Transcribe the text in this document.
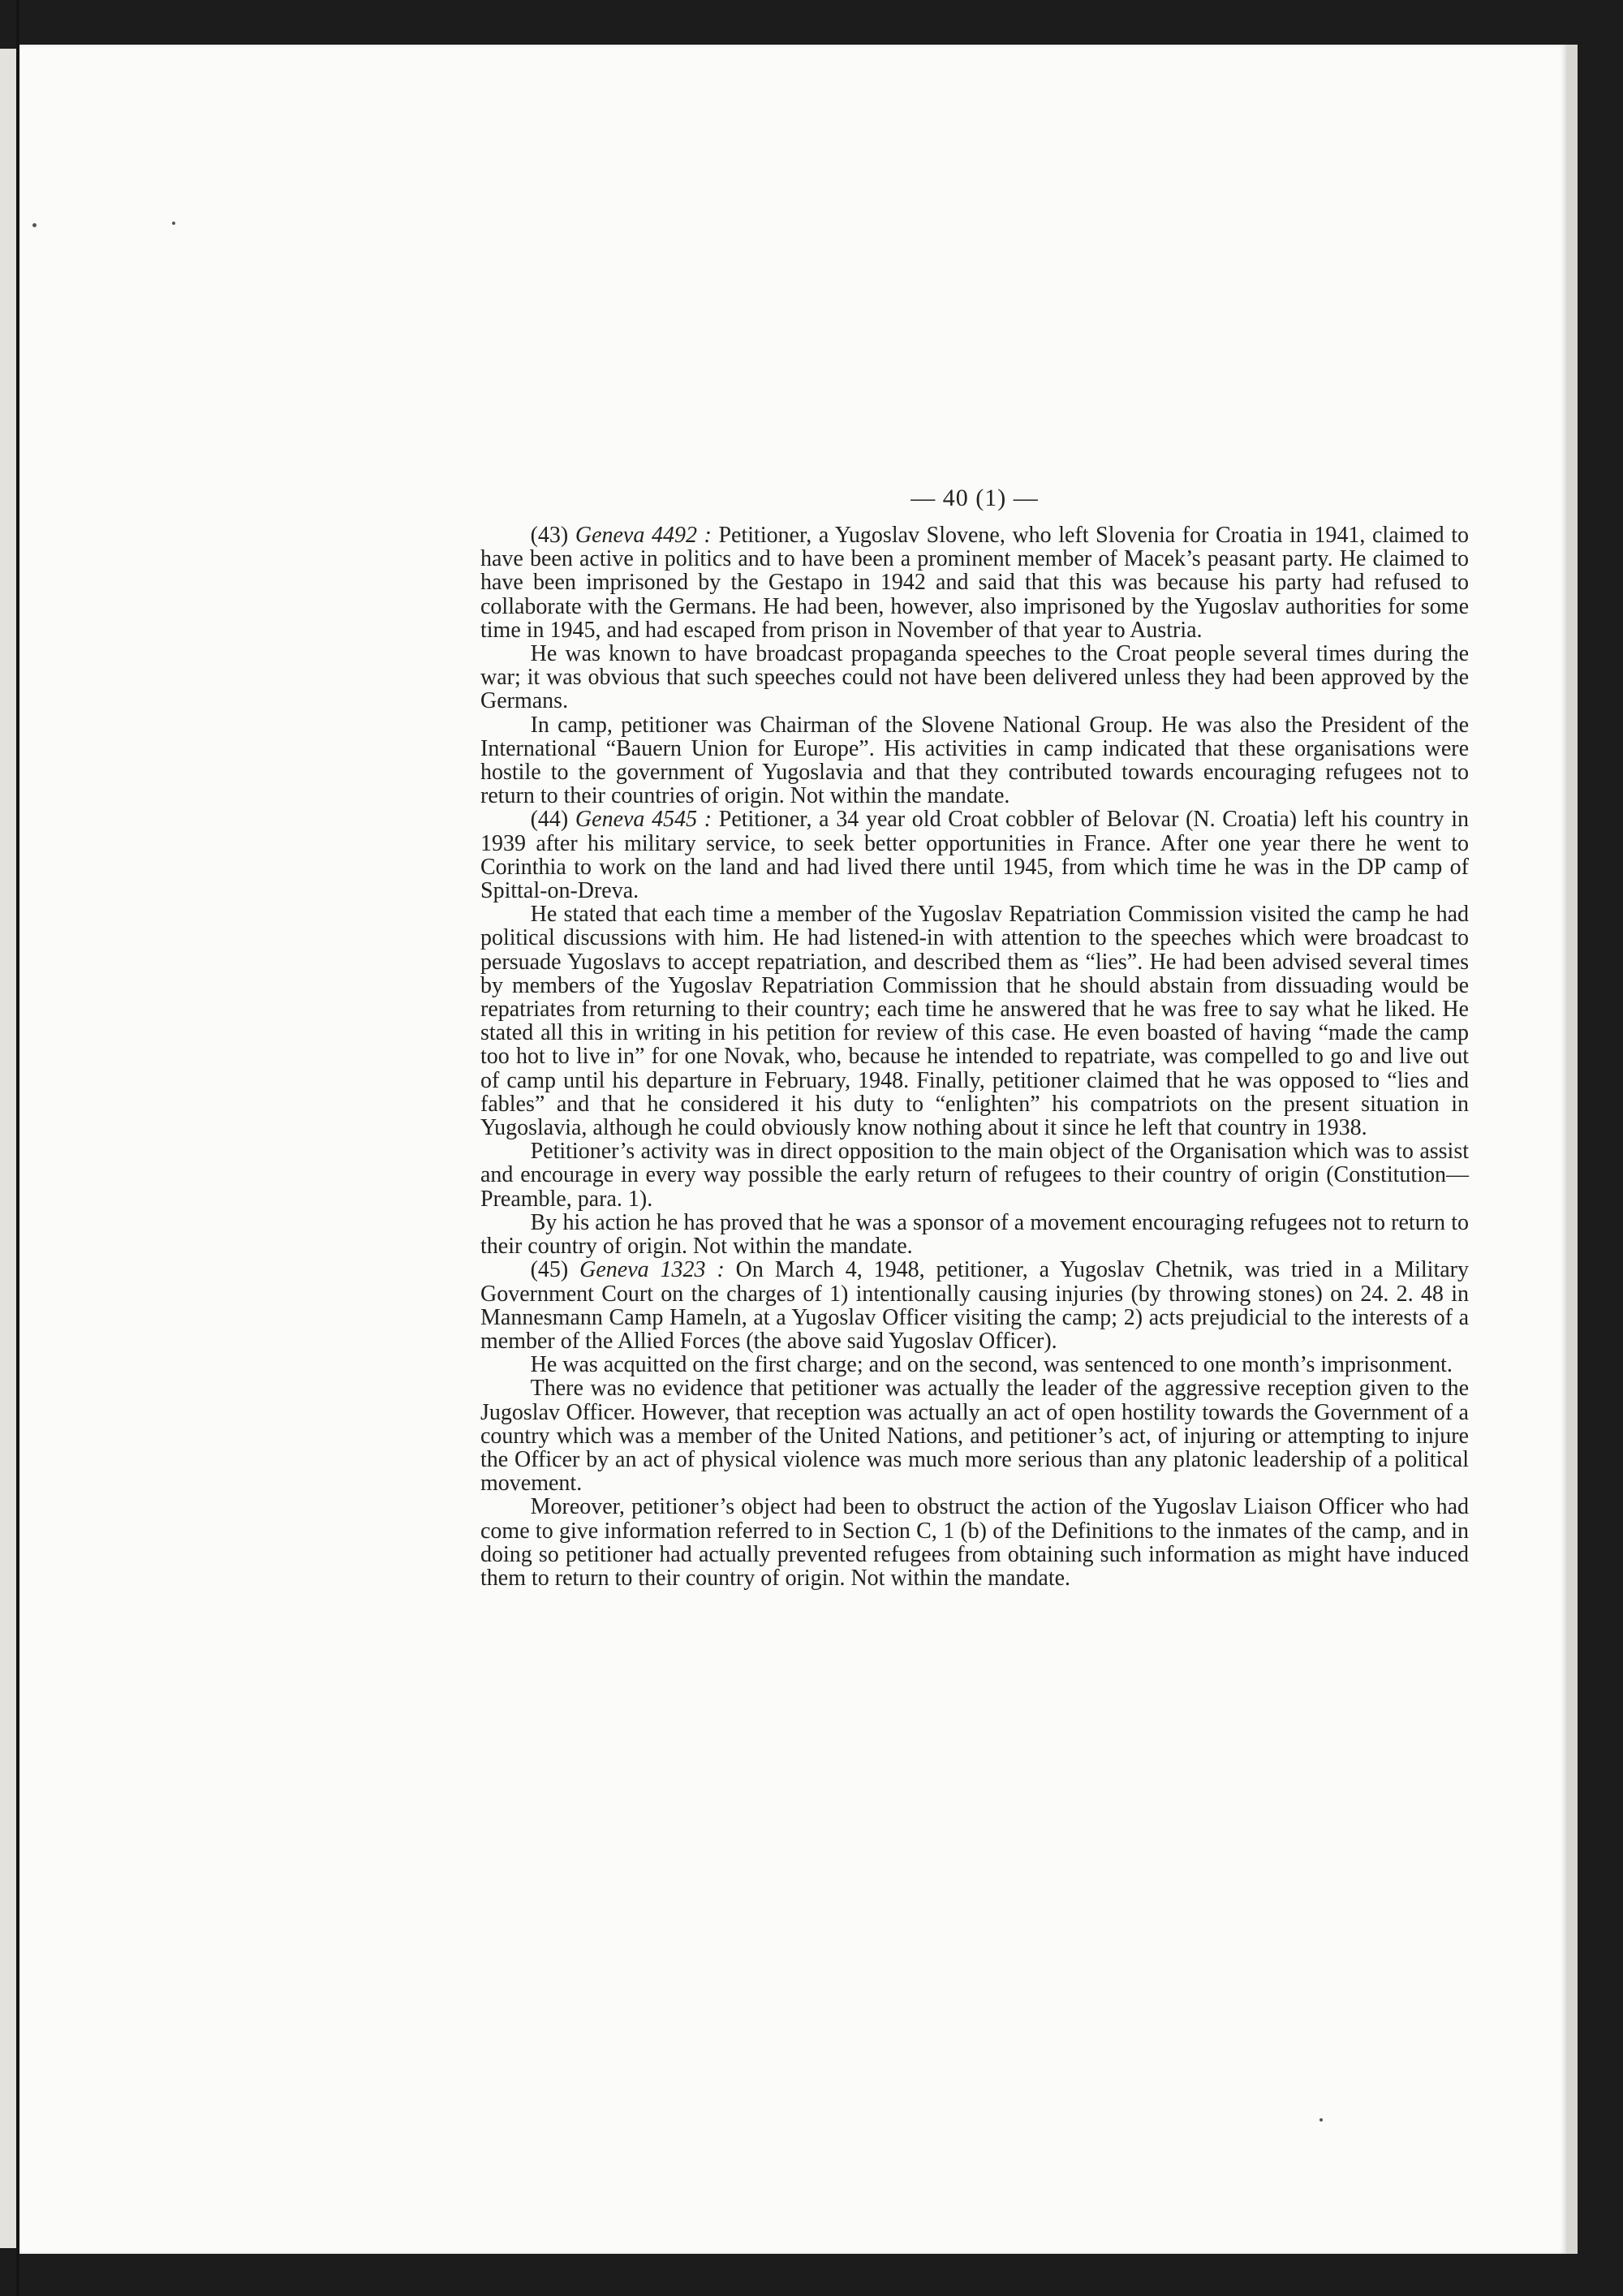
— 40 (1) —

(43) Geneva 4492 : Petitioner, a Yugoslav Slovene, who left Slovenia for Croatia in 1941, claimed to have been active in politics and to have been a prominent member of Macek’s peasant party. He claimed to have been imprisoned by the Gestapo in 1942 and said that this was because his party had refused to collaborate with the Germans. He had been, however, also imprisoned by the Yugoslav authorities for some time in 1945, and had escaped from prison in November of that year to Austria.

He was known to have broadcast propaganda speeches to the Croat people several times during the war; it was obvious that such speeches could not have been delivered unless they had been approved by the Germans.

In camp, petitioner was Chairman of the Slovene National Group. He was also the President of the International “Bauern Union for Europe”. His activities in camp indicated that these organisations were hostile to the government of Yugoslavia and that they contributed towards encouraging refugees not to return to their countries of origin. Not within the mandate.

(44) Geneva 4545 : Petitioner, a 34 year old Croat cobbler of Belovar (N. Croatia) left his country in 1939 after his military service, to seek better opportunities in France. After one year there he went to Corinthia to work on the land and had lived there until 1945, from which time he was in the DP camp of Spittal-on-Dreva.

He stated that each time a member of the Yugoslav Repatriation Commission visited the camp he had political discussions with him. He had listened-in with attention to the speeches which were broadcast to persuade Yugoslavs to accept repatriation, and described them as “lies”. He had been advised several times by members of the Yugoslav Repatriation Commission that he should abstain from dissuading would be repatriates from returning to their country; each time he answered that he was free to say what he liked. He stated all this in writing in his petition for review of this case. He even boasted of having “made the camp too hot to live in” for one Novak, who, because he intended to repatriate, was compelled to go and live out of camp until his departure in February, 1948. Finally, petitioner claimed that he was opposed to “lies and fables” and that he considered it his duty to “enlighten” his compatriots on the present situation in Yugoslavia, although he could obviously know nothing about it since he left that country in 1938.

Petitioner’s activity was in direct opposition to the main object of the Organisation which was to assist and encourage in every way possible the early return of refugees to their country of origin (Constitution—Preamble, para. 1).

By his action he has proved that he was a sponsor of a movement encouraging refugees not to return to their country of origin. Not within the mandate.

(45) Geneva 1323 : On March 4, 1948, petitioner, a Yugoslav Chetnik, was tried in a Military Government Court on the charges of 1) intentionally causing injuries (by throwing stones) on 24. 2. 48 in Mannesmann Camp Hameln, at a Yugoslav Officer visiting the camp; 2) acts prejudicial to the interests of a member of the Allied Forces (the above said Yugoslav Officer).

He was acquitted on the first charge; and on the second, was sentenced to one month’s imprisonment.

There was no evidence that petitioner was actually the leader of the aggressive reception given to the Jugoslav Officer. However, that reception was actually an act of open hostility towards the Government of a country which was a member of the United Nations, and petitioner’s act, of injuring or attempting to injure the Officer by an act of physical violence was much more serious than any platonic leadership of a political movement.

Moreover, petitioner’s object had been to obstruct the action of the Yugoslav Liaison Officer who had come to give information referred to in Section C, 1 (b) of the Definitions to the inmates of the camp, and in doing so petitioner had actually prevented refugees from obtaining such information as might have induced them to return to their country of origin. Not within the mandate.
